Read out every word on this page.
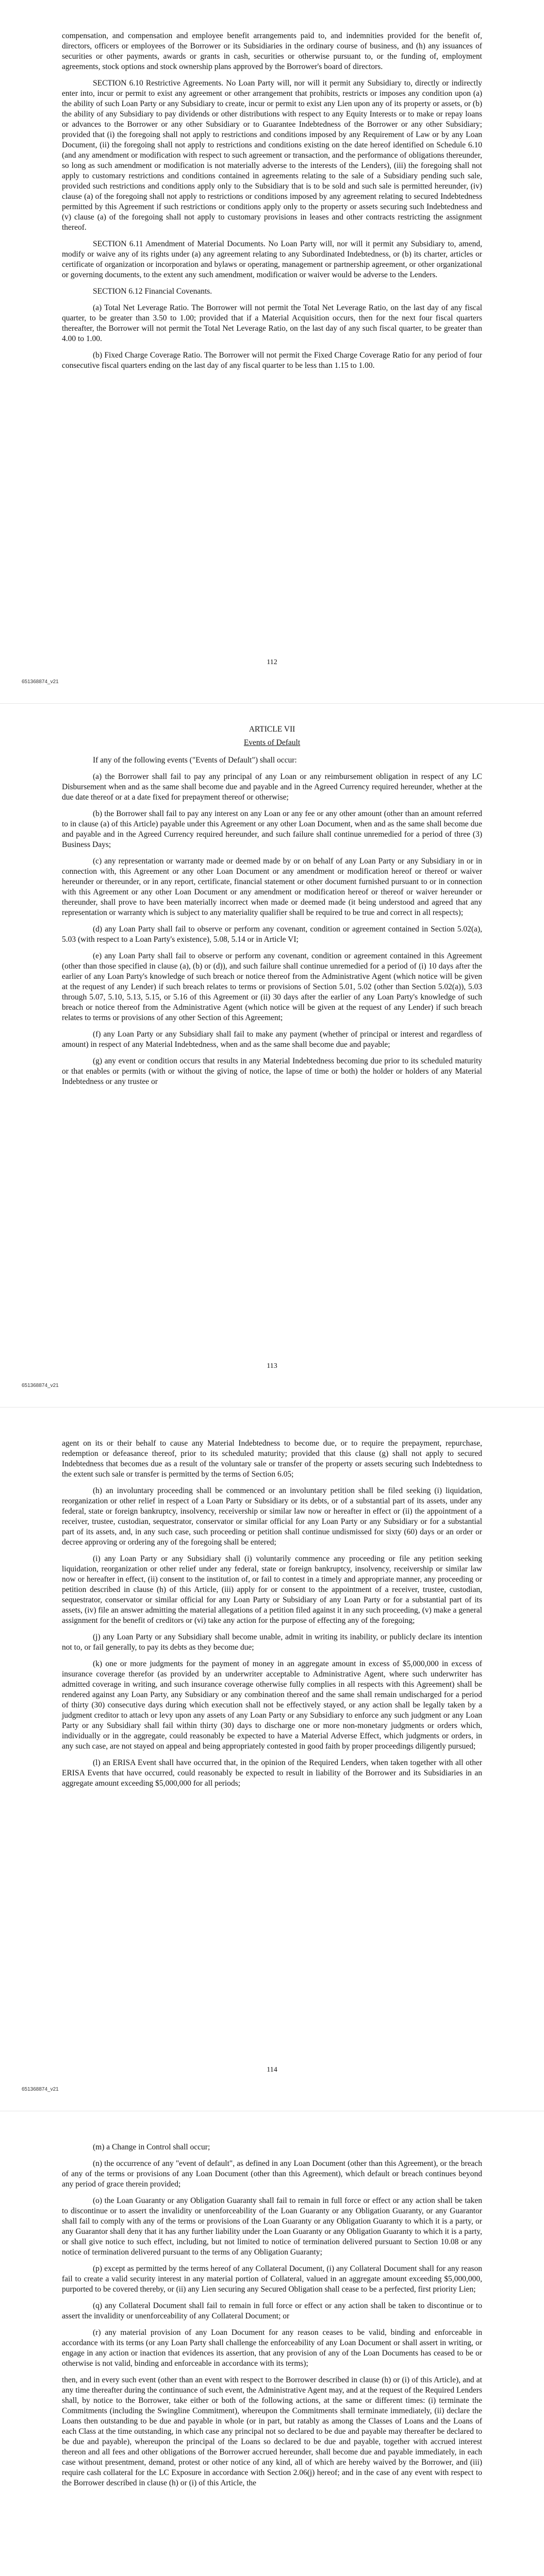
compensation, and compensation and employee benefit arrangements paid to, and indemnities provided for the benefit of, directors, officers or employees of the Borrower or its Subsidiaries in the ordinary course of business, and (h) any issuances of securities or other payments, awards or grants in cash, securities or otherwise pursuant to, or the funding of, employment agreements, stock options and stock ownership plans approved by the Borrower's board of directors.

SECTION 6.10 Restrictive Agreements. No Loan Party will, nor will it permit any Subsidiary to, directly or indirectly enter into, incur or permit to exist any agreement or other arrangement that prohibits, restricts or imposes any condition upon (a) the ability of such Loan Party or any Subsidiary to create, incur or permit to exist any Lien upon any of its property or assets, or (b) the ability of any Subsidiary to pay dividends or other distributions with respect to any Equity Interests or to make or repay loans or advances to the Borrower or any other Subsidiary or to Guarantee Indebtedness of the Borrower or any other Subsidiary; provided that (i) the foregoing shall not apply to restrictions and conditions imposed by any Requirement of Law or by any Loan Document, (ii) the foregoing shall not apply to restrictions and conditions existing on the date hereof identified on Schedule 6.10 (and any amendment or modification with respect to such agreement or transaction, and the performance of obligations thereunder, so long as such amendment or modification is not materially adverse to the interests of the Lenders), (iii) the foregoing shall not apply to customary restrictions and conditions contained in agreements relating to the sale of a Subsidiary pending such sale, provided such restrictions and conditions apply only to the Subsidiary that is to be sold and such sale is permitted hereunder, (iv) clause (a) of the foregoing shall not apply to restrictions or conditions imposed by any agreement relating to secured Indebtedness permitted by this Agreement if such restrictions or conditions apply only to the property or assets securing such Indebtedness and (v) clause (a) of the foregoing shall not apply to customary provisions in leases and other contracts restricting the assignment thereof.

SECTION 6.11 Amendment of Material Documents. No Loan Party will, nor will it permit any Subsidiary to, amend, modify or waive any of its rights under (a) any agreement relating to any Subordinated Indebtedness, or (b) its charter, articles or certificate of organization or incorporation and bylaws or operating, management or partnership agreement, or other organizational or governing documents, to the extent any such amendment, modification or waiver would be adverse to the Lenders.

SECTION 6.12 Financial Covenants.

(a) Total Net Leverage Ratio. The Borrower will not permit the Total Net Leverage Ratio, on the last day of any fiscal quarter, to be greater than 3.50 to 1.00; provided that if a Material Acquisition occurs, then for the next four fiscal quarters thereafter, the Borrower will not permit the Total Net Leverage Ratio, on the last day of any such fiscal quarter, to be greater than 4.00 to 1.00.

(b) Fixed Charge Coverage Ratio. The Borrower will not permit the Fixed Charge Coverage Ratio for any period of four consecutive fiscal quarters ending on the last day of any fiscal quarter to be less than 1.15 to 1.00.

112
651368874_v21

ARTICLE VII

Events of Default

If any of the following events ("Events of Default") shall occur:

(a) the Borrower shall fail to pay any principal of any Loan or any reimbursement obligation in respect of any LC Disbursement when and as the same shall become due and payable and in the Agreed Currency required hereunder, whether at the due date thereof or at a date fixed for prepayment thereof or otherwise;

(b) the Borrower shall fail to pay any interest on any Loan or any fee or any other amount (other than an amount referred to in clause (a) of this Article) payable under this Agreement or any other Loan Document, when and as the same shall become due and payable and in the Agreed Currency required hereunder, and such failure shall continue unremedied for a period of three (3) Business Days;

(c) any representation or warranty made or deemed made by or on behalf of any Loan Party or any Subsidiary in or in connection with, this Agreement or any other Loan Document or any amendment or modification hereof or thereof or waiver hereunder or thereunder, or in any report, certificate, financial statement or other document furnished pursuant to or in connection with this Agreement or any other Loan Document or any amendment or modification hereof or thereof or waiver hereunder or thereunder, shall prove to have been materially incorrect when made or deemed made (it being understood and agreed that any representation or warranty which is subject to any materiality qualifier shall be required to be true and correct in all respects);

(d) any Loan Party shall fail to observe or perform any covenant, condition or agreement contained in Section 5.02(a), 5.03 (with respect to a Loan Party's existence), 5.08, 5.14 or in Article VI;

(e) any Loan Party shall fail to observe or perform any covenant, condition or agreement contained in this Agreement (other than those specified in clause (a), (b) or (d)), and such failure shall continue unremedied for a period of (i) 10 days after the earlier of any Loan Party's knowledge of such breach or notice thereof from the Administrative Agent (which notice will be given at the request of any Lender) if such breach relates to terms or provisions of Section 5.01, 5.02 (other than Section 5.02(a)), 5.03 through 5.07, 5.10, 5.13, 5.15, or 5.16 of this Agreement or (ii) 30 days after the earlier of any Loan Party's knowledge of such breach or notice thereof from the Administrative Agent (which notice will be given at the request of any Lender) if such breach relates to terms or provisions of any other Section of this Agreement;

(f) any Loan Party or any Subsidiary shall fail to make any payment (whether of principal or interest and regardless of amount) in respect of any Material Indebtedness, when and as the same shall become due and payable;

(g) any event or condition occurs that results in any Material Indebtedness becoming due prior to its scheduled maturity or that enables or permits (with or without the giving of notice, the lapse of time or both) the holder or holders of any Material Indebtedness or any trustee or

113
651368874_v21

agent on its or their behalf to cause any Material Indebtedness to become due, or to require the prepayment, repurchase, redemption or defeasance thereof, prior to its scheduled maturity; provided that this clause (g) shall not apply to secured Indebtedness that becomes due as a result of the voluntary sale or transfer of the property or assets securing such Indebtedness to the extent such sale or transfer is permitted by the terms of Section 6.05;

(h) an involuntary proceeding shall be commenced or an involuntary petition shall be filed seeking (i) liquidation, reorganization or other relief in respect of a Loan Party or Subsidiary or its debts, or of a substantial part of its assets, under any federal, state or foreign bankruptcy, insolvency, receivership or similar law now or hereafter in effect or (ii) the appointment of a receiver, trustee, custodian, sequestrator, conservator or similar official for any Loan Party or any Subsidiary or for a substantial part of its assets, and, in any such case, such proceeding or petition shall continue undismissed for sixty (60) days or an order or decree approving or ordering any of the foregoing shall be entered;

(i) any Loan Party or any Subsidiary shall (i) voluntarily commence any proceeding or file any petition seeking liquidation, reorganization or other relief under any federal, state or foreign bankruptcy, insolvency, receivership or similar law now or hereafter in effect, (ii) consent to the institution of, or fail to contest in a timely and appropriate manner, any proceeding or petition described in clause (h) of this Article, (iii) apply for or consent to the appointment of a receiver, trustee, custodian, sequestrator, conservator or similar official for any Loan Party or Subsidiary of any Loan Party or for a substantial part of its assets, (iv) file an answer admitting the material allegations of a petition filed against it in any such proceeding, (v) make a general assignment for the benefit of creditors or (vi) take any action for the purpose of effecting any of the foregoing;

(j) any Loan Party or any Subsidiary shall become unable, admit in writing its inability, or publicly declare its intention not to, or fail generally, to pay its debts as they become due;

(k) one or more judgments for the payment of money in an aggregate amount in excess of $5,000,000 in excess of insurance coverage therefor (as provided by an underwriter acceptable to Administrative Agent, where such underwriter has admitted coverage in writing, and such insurance coverage otherwise fully complies in all respects with this Agreement) shall be rendered against any Loan Party, any Subsidiary or any combination thereof and the same shall remain undischarged for a period of thirty (30) consecutive days during which execution shall not be effectively stayed, or any action shall be legally taken by a judgment creditor to attach or levy upon any assets of any Loan Party or any Subsidiary to enforce any such judgment or any Loan Party or any Subsidiary shall fail within thirty (30) days to discharge one or more non-monetary judgments or orders which, individually or in the aggregate, could reasonably be expected to have a Material Adverse Effect, which judgments or orders, in any such case, are not stayed on appeal and being appropriately contested in good faith by proper proceedings diligently pursued;

(l) an ERISA Event shall have occurred that, in the opinion of the Required Lenders, when taken together with all other ERISA Events that have occurred, could reasonably be expected to result in liability of the Borrower and its Subsidiaries in an aggregate amount exceeding $5,000,000 for all periods;

114
651368874_v21

(m) a Change in Control shall occur;

(n) the occurrence of any "event of default", as defined in any Loan Document (other than this Agreement), or the breach of any of the terms or provisions of any Loan Document (other than this Agreement), which default or breach continues beyond any period of grace therein provided;

(o) the Loan Guaranty or any Obligation Guaranty shall fail to remain in full force or effect or any action shall be taken to discontinue or to assert the invalidity or unenforceability of the Loan Guaranty or any Obligation Guaranty, or any Guarantor shall fail to comply with any of the terms or provisions of the Loan Guaranty or any Obligation Guaranty to which it is a party, or any Guarantor shall deny that it has any further liability under the Loan Guaranty or any Obligation Guaranty to which it is a party, or shall give notice to such effect, including, but not limited to notice of termination delivered pursuant to Section 10.08 or any notice of termination delivered pursuant to the terms of any Obligation Guaranty;

(p) except as permitted by the terms hereof of any Collateral Document, (i) any Collateral Document shall for any reason fail to create a valid security interest in any material portion of Collateral, valued in an aggregate amount exceeding $5,000,000, purported to be covered thereby, or (ii) any Lien securing any Secured Obligation shall cease to be a perfected, first priority Lien;

(q) any Collateral Document shall fail to remain in full force or effect or any action shall be taken to discontinue or to assert the invalidity or unenforceability of any Collateral Document; or

(r) any material provision of any Loan Document for any reason ceases to be valid, binding and enforceable in accordance with its terms (or any Loan Party shall challenge the enforceability of any Loan Document or shall assert in writing, or engage in any action or inaction that evidences its assertion, that any provision of any of the Loan Documents has ceased to be or otherwise is not valid, binding and enforceable in accordance with its terms);

then, and in every such event (other than an event with respect to the Borrower described in clause (h) or (i) of this Article), and at any time thereafter during the continuance of such event, the Administrative Agent may, and at the request of the Required Lenders shall, by notice to the Borrower, take either or both of the following actions, at the same or different times: (i) terminate the Commitments (including the Swingline Commitment), whereupon the Commitments shall terminate immediately, (ii) declare the Loans then outstanding to be due and payable in whole (or in part, but ratably as among the Classes of Loans and the Loans of each Class at the time outstanding, in which case any principal not so declared to be due and payable may thereafter be declared to be due and payable), whereupon the principal of the Loans so declared to be due and payable, together with accrued interest thereon and all fees and other obligations of the Borrower accrued hereunder, shall become due and payable immediately, in each case without presentment, demand, protest or other notice of any kind, all of which are hereby waived by the Borrower, and (iii) require cash collateral for the LC Exposure in accordance with Section 2.06(j) hereof; and in the case of any event with respect to the Borrower described in clause (h) or (i) of this Article, the
